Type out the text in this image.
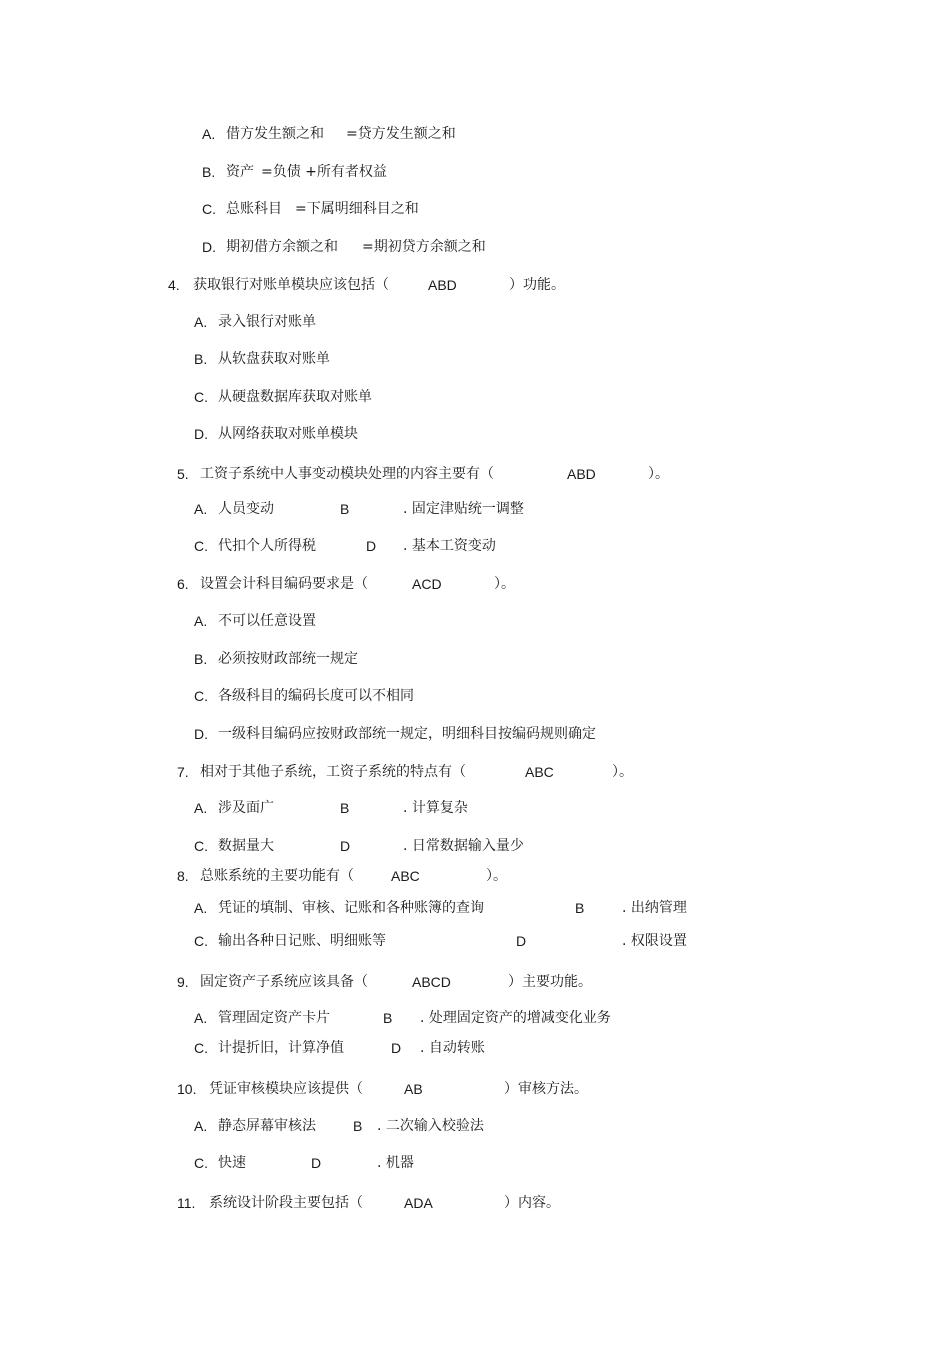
A. 借方发生额之和 =贷方发生额之和
B. 资产 =负债 +所有者权益
C. 总账科目 =下属明细科目之和
D. 期初借方余额之和 =期初贷方余额之和
4. 获取银行对账单模块应该包括（	ABD	）功能。
A. 录入银行对账单
B. 从软盘获取对账单
C. 从硬盘数据库获取对账单
D. 从网络获取对账单模块
5. 工资子系统中人事变动模块处理的内容主要有（	ABD	）。
A. 人员变动	B	. 固定津贴统一调整
C. 代扣个人所得税	D . 基本工资变动
6. 设置会计科目编码要求是（	ACD	）。
A. 不可以任意设置
B. 必须按财政部统一规定
C. 各级科目的编码长度可以不相同
D. 一级科目编码应按财政部统一规定，明细科目按编码规则确定
7. 相对于其他子系统，工资子系统的特点有（	ABC	）。
A. 涉及面广	B	. 计算复杂
C. 数据量大	D	. 日常数据输入量少
8. 总账系统的主要功能有（	ABC	）。
A. 凭证的填制、审核、记账和各种账簿的查询	B	. 出纳管理
C. 输出各种日记账、明细账等	D	. 权限设置
9. 固定资产子系统应该具备（	ABCD	）主要功能。
A. 管理固定资产卡片	B . 处理固定资产的增减变化业务
C. 计提折旧，计算净值	D . 自动转账
10. 凭证审核模块应该提供（	AB	）审核方法。
A. 静态屏幕审核法	B . 二次输入校验法
C. 快速	D	. 机器
11. 系统设计阶段主要包括（	ADA	）内容。
